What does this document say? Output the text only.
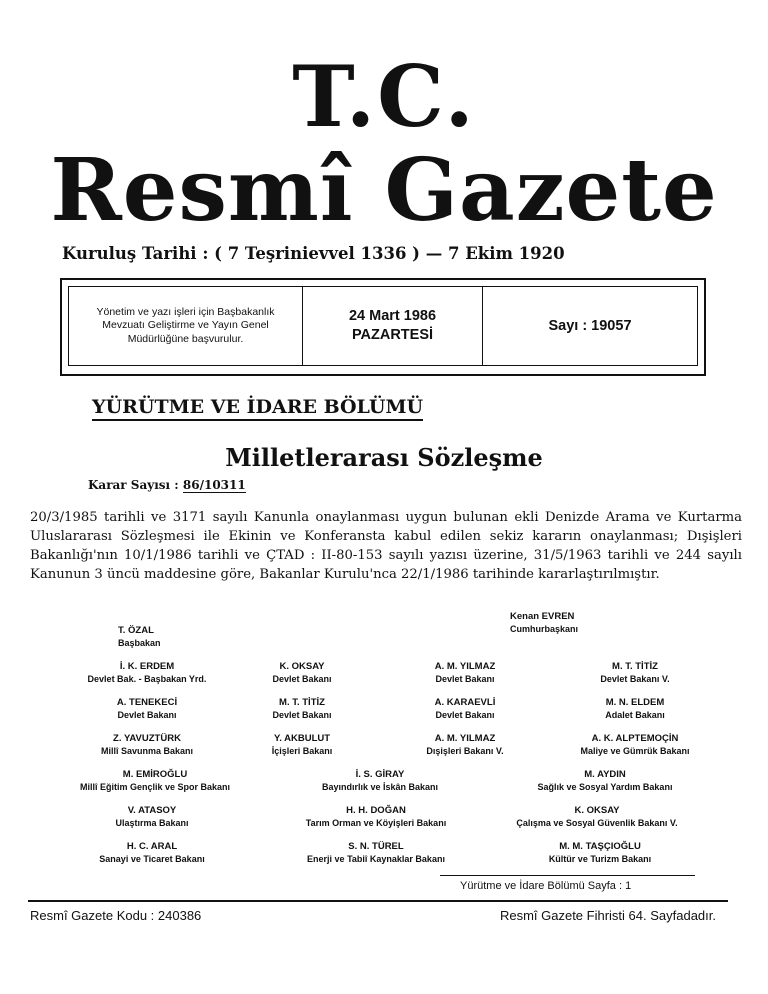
T.C.
Resmî Gazete
Kuruluş Tarihi : ( 7 Teşrinievvel 1336 ) — 7 Ekim 1920
Yönetim ve yazı işleri için Başbakanlık Mevzuatı Geliştirme ve Yayın Genel Müdürlüğüne başvurulur.
24 Mart 1986
PAZARTESİ
Sayı : 19057
YÜRÜTME VE İDARE BÖLÜMÜ
Milletlerarası Sözleşme
Karar Sayısı : 86/10311
20/3/1985 tarihli ve 3171 sayılı Kanunla onaylanması uygun bulunan ekli Denizde Arama ve Kurtarma Uluslararası Sözleşmesi ile Ekinin ve Konferansta kabul edilen sekiz kararın onaylanması; Dışişleri Bakanlığı'nın 10/1/1986 tarihli ve ÇTAD : II-80-153 sayılı yazısı üzerine, 31/5/1963 tarihli ve 244 sayılı Kanunun 3 üncü maddesine göre, Bakanlar Kurulu'nca 22/1/1986 tarihinde kararlaştırılmıştır.
Kenan EVREN
Cumhurbaşkanı
T. ÖZAL
Başbakan
İ. K. ERDEM
Devlet Bak. - Başbakan Yrd.
K. OKSAY
Devlet Bakanı
A. M. YILMAZ
Devlet Bakanı
M. T. TİTİZ
Devlet Bakanı V.
A. TENEKECİ
Devlet Bakanı
M. T. TİTİZ
Devlet Bakanı
A. KARAEVLİ
Devlet Bakanı
M. N. ELDEM
Adalet Bakanı
Z. YAVUZTÜRK
Millî Savunma Bakanı
Y. AKBULUT
İçişleri Bakanı
A. M. YILMAZ
Dışişleri Bakanı V.
A. K. ALPTEMOÇİN
Maliye ve Gümrük Bakanı
M. EMİROĞLU
Millî Eğitim Gençlik ve Spor Bakanı
İ. S. GİRAY
Bayındırlık ve İskân Bakanı
M. AYDIN
Sağlık ve Sosyal Yardım Bakanı
V. ATASOY
Ulaştırma Bakanı
H. H. DOĞAN
Tarım Orman ve Köyişleri Bakanı
K. OKSAY
Çalışma ve Sosyal Güvenlik Bakanı V.
H. C. ARAL
Sanayi ve Ticaret Bakanı
S. N. TÜREL
Enerji ve Tabiî Kaynaklar Bakanı
M. M. TAŞÇIOĞLU
Kültür ve Turizm Bakanı
Yürütme ve İdare Bölümü Sayfa : 1
Resmî Gazete Kodu : 240386	Resmî Gazete Fihristi 64. Sayfadadır.
